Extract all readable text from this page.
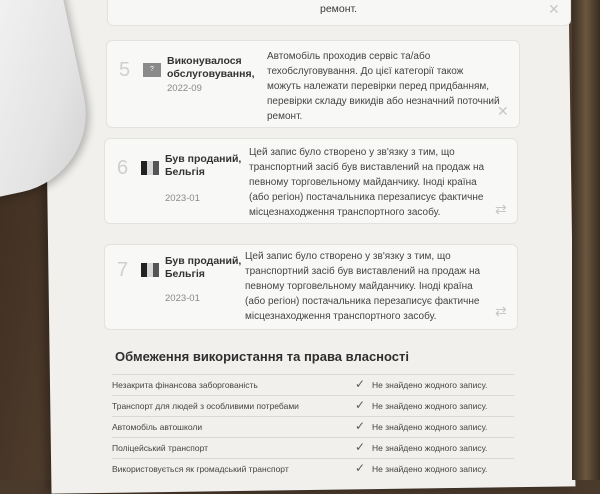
ремонт.	✕
5	?
Виконувалося обслуговування,
2022-09
Автомобіль проходив сервіс та/або
техобслуговування. До цієї категорії також
можуть належати перевірки перед придбанням,
перевірки складу викидів або незначний поточний
ремонт.	✕
6	Був проданий, Бельгія
2023-01
Цей запис було створено у зв'язку з тим, що
транспортний засіб був виставлений на продаж на
певному торговельному майданчику. Іноді країна
(або регіон) постачальника перезаписує фактичне
місцезнаходження транспортного засобу.	⇄
7	Був проданий, Бельгія
2023-01
Цей запис було створено у зв'язку з тим, що
транспортний засіб був виставлений на продаж на
певному торговельному майданчику. Іноді країна
(або регіон) постачальника перезаписує фактичне
місцезнаходження транспортного засобу.	⇄
Обмеження використання та права власності
Незакрита фінансова заборгованість	✓ Не знайдено жодного запису.
Транспорт для людей з особливими потребами	✓ Не знайдено жодного запису.
Автомобіль автошколи	✓ Не знайдено жодного запису.
Поліцейський транспорт	✓ Не знайдено жодного запису.
Використовується як громадський транспорт	✓ Не знайдено жодного запису.
